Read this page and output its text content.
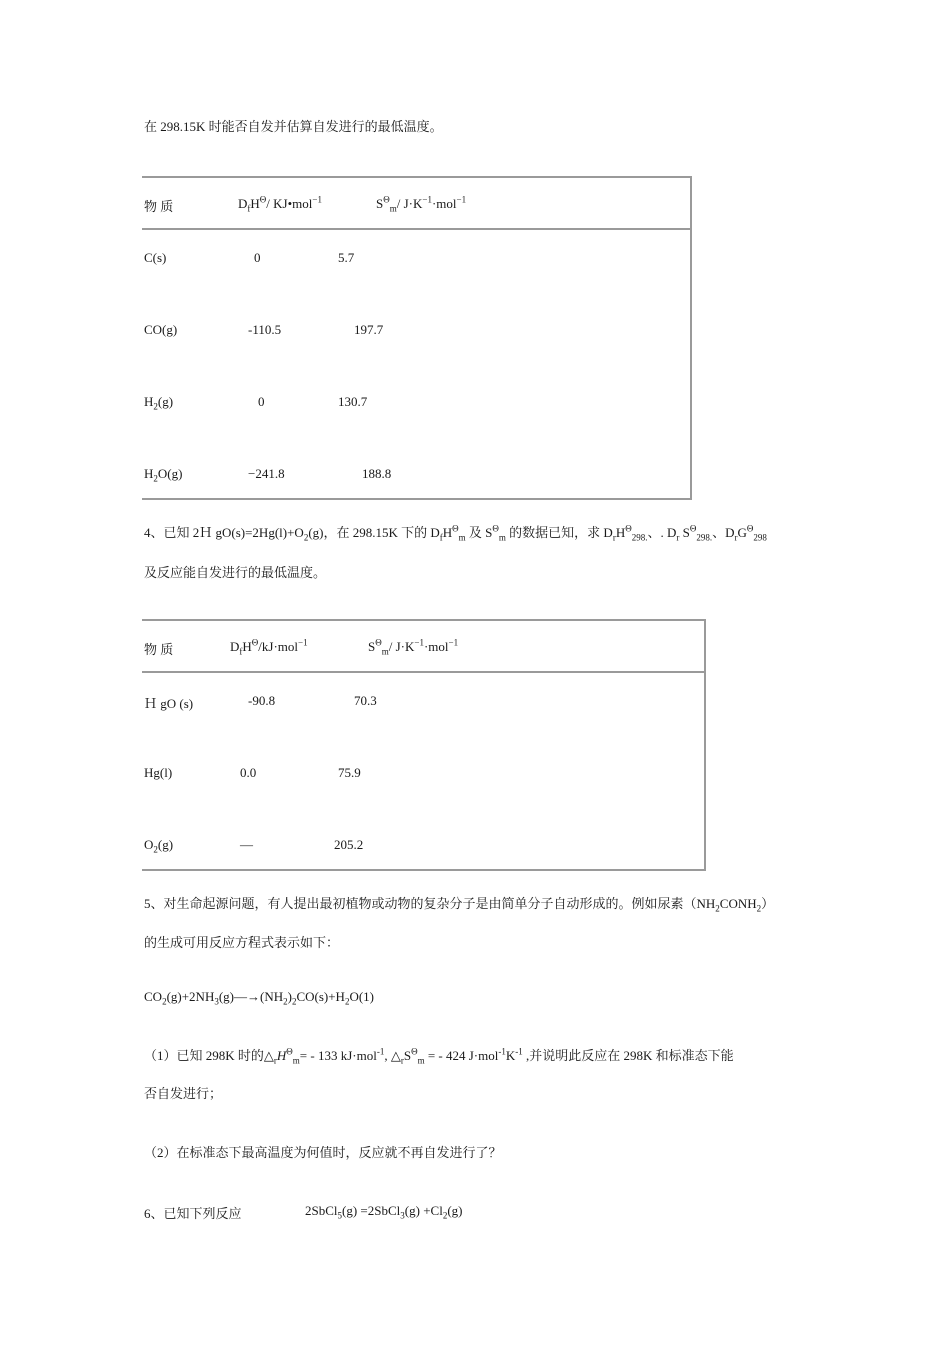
在 298.15K 时能否自发并估算自发进行的最低温度。
物 质	$D_fH^\Theta/$ KJ•mol$^{-1}$	$S^\Theta_m/$ $J\cdot K^{-1}\cdot mol^{-1}$
C(s)	0	5.7
CO(g)	-110.5	197.7
$H_2(g)$	0	130.7
$H_2O(g)$	−241.8	188.8
4、已知 2Ｈ $gO(s)=2Hg(l)+O_2(g)$，在 298.15K 下的 $D_fH^\Theta_m$ 及 $S^\Theta_m$ 的数据已知，求 $D_rH^\Theta_{298.}$、. $D_r$ $S^\Theta_{298.}$、$D_rG^\Theta_{298}$
及反应能自发进行的最低温度。
物 质	$D_fH^\Theta/kJ\cdot mol^{-1}$	$S^\Theta_m/$ $J\cdot K^{-1}\cdot mol^{-1}$
Ｈ gO (s)	-90.8	70.3
Hg(l)	0.0	75.9
$O_2(g)$	—	205.2
5、对生命起源问题，有人提出最初植物或动物的复杂分子是由简单分子自动形成的。例如尿素$(NH_2CONH_2)$
的生成可用反应方程式表示如下：
$CO_2(g)+2NH_3(g)—\to(NH_2)_2CO(s)+H_2O(1)$
（1）已知 298K 时的$\triangle_rH^\Theta_m= - 133$ kJ·mol$^{-1}$, $\triangle_rS^\Theta_m$ = - 424 $J\cdot mol^{-1}K^{-1}$ ,并说明此反应在 298K 和标准态下能
否自发进行；
（2）在标准态下最高温度为何值时，反应就不再自发进行了？
6、已知下列反应	2SbCl$_5$(g) =2SbCl$_3$(g) $+Cl_2(g)$
